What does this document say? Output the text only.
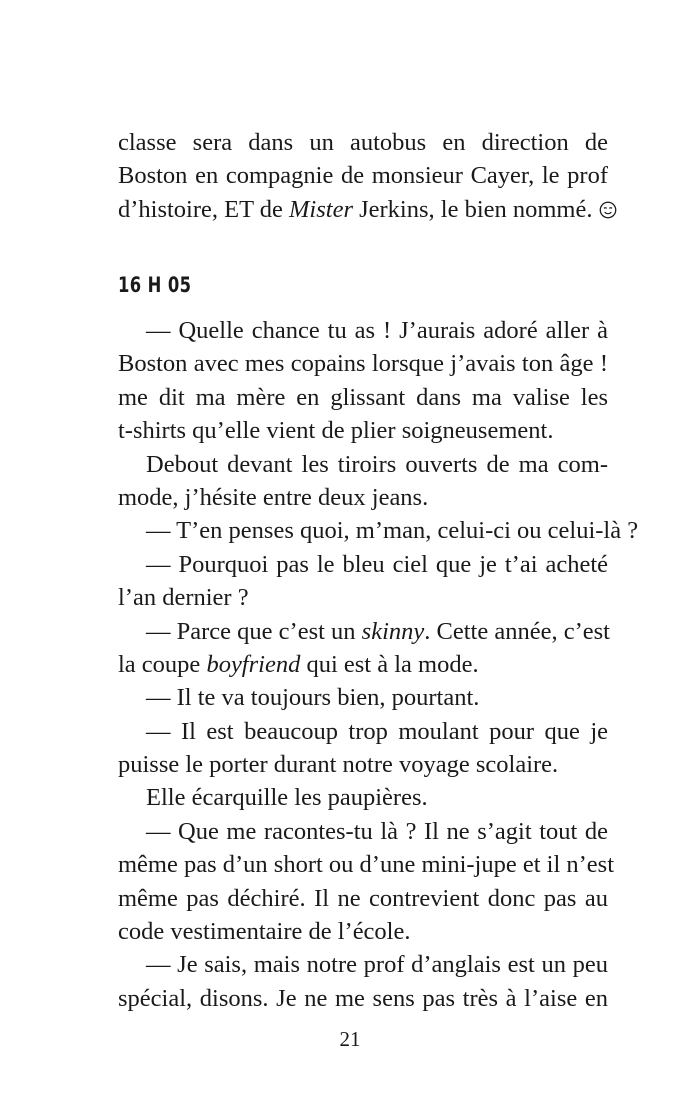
classe sera dans un autobus en direction de
Boston en compagnie de monsieur Cayer, le prof
d’histoire, ET de Mister Jerkins, le bien nommé.
16 H 05
— Quelle chance tu as ! J’aurais adoré aller à
Boston avec mes copains lorsque j’avais ton âge !
me dit ma mère en glissant dans ma valise les
t-shirts qu’elle vient de plier soigneusement.
Debout devant les tiroirs ouverts de ma com-
mode, j’hésite entre deux jeans.
— T’en penses quoi, m’man, celui-ci ou celui-là ?
— Pourquoi pas le bleu ciel que je t’ai acheté
l’an dernier ?
— Parce que c’est un skinny. Cette année, c’est
la coupe boyfriend qui est à la mode.
— Il te va toujours bien, pourtant.
— Il est beaucoup trop moulant pour que je
puisse le porter durant notre voyage scolaire.
Elle écarquille les paupières.
— Que me racontes-tu là ? Il ne s’agit tout de
même pas d’un short ou d’une mini-jupe et il n’est
même pas déchiré. Il ne contrevient donc pas au
code vestimentaire de l’école.
— Je sais, mais notre prof d’anglais est un peu
spécial, disons. Je ne me sens pas très à l’aise en
21
